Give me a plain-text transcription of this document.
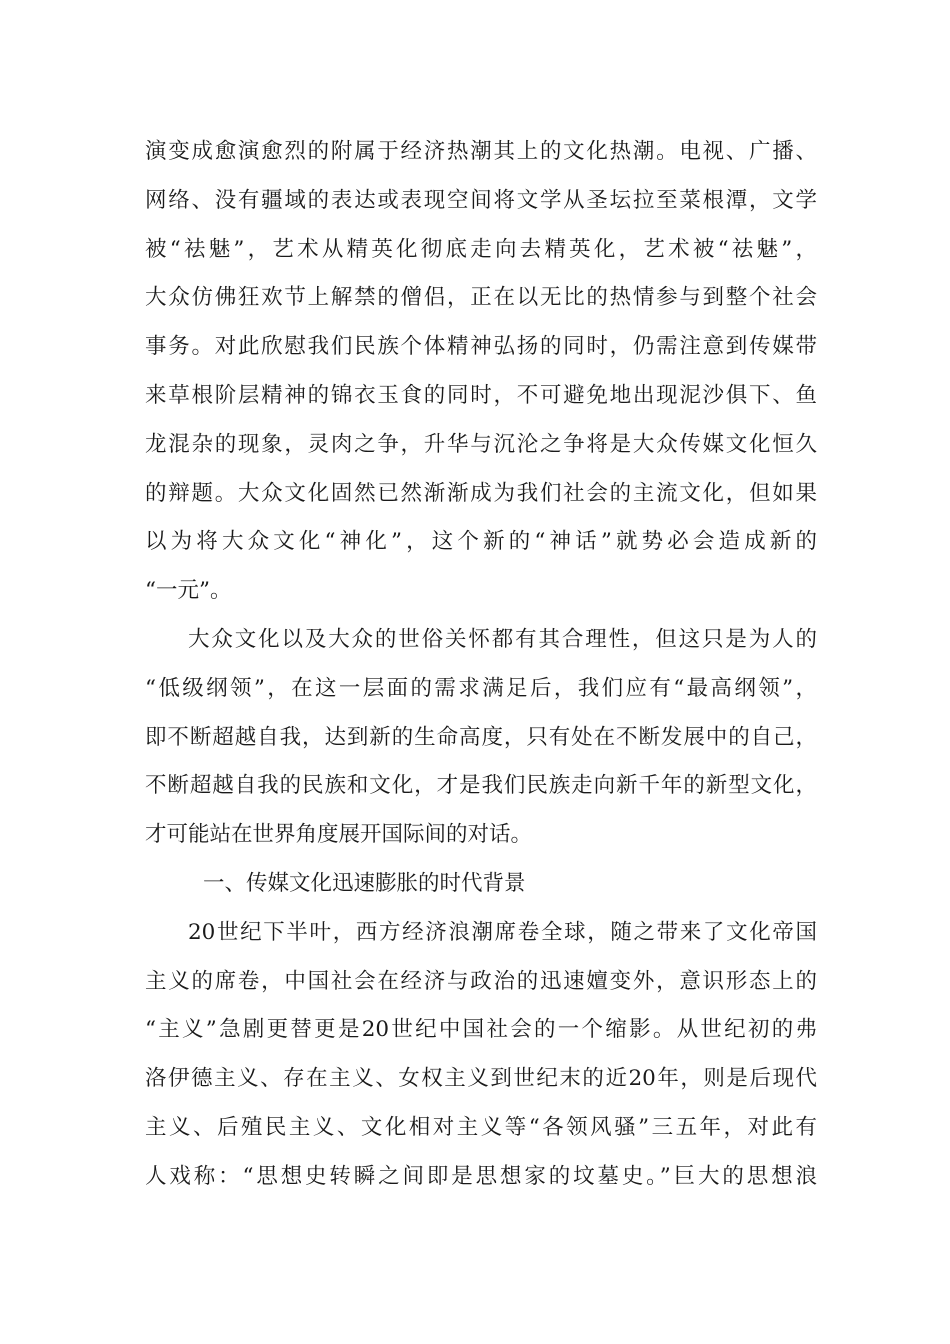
演变成愈演愈烈的附属于经济热潮其上的文化热潮。电视、广播、
网络、没有疆域的表达或表现空间将文学从圣坛拉至菜根潭，文学
被“祛魅”，艺术从精英化彻底走向去精英化，艺术被“祛魅”，
大众仿佛狂欢节上解禁的僧侣，正在以无比的热情参与到整个社会
事务。对此欣慰我们民族个体精神弘扬的同时，仍需注意到传媒带
来草根阶层精神的锦衣玉食的同时，不可避免地出现泥沙俱下、鱼
龙混杂的现象，灵肉之争，升华与沉沦之争将是大众传媒文化恒久
的辩题。大众文化固然已然渐渐成为我们社会的主流文化，但如果
以为将大众文化“神化”，这个新的“神话”就势必会造成新的
“一元”。
大众文化以及大众的世俗关怀都有其合理性，但这只是为人的
“低级纲领”，在这一层面的需求满足后，我们应有“最高纲领”，
即不断超越自我，达到新的生命高度，只有处在不断发展中的自己，
不断超越自我的民族和文化，才是我们民族走向新千年的新型文化，
才可能站在世界角度展开国际间的对话。
一、传媒文化迅速膨胀的时代背景
20世纪下半叶，西方经济浪潮席卷全球，随之带来了文化帝国
主义的席卷，中国社会在经济与政治的迅速嬗变外，意识形态上的
“主义”急剧更替更是20世纪中国社会的一个缩影。从世纪初的弗
洛伊德主义、存在主义、女权主义到世纪末的近20年，则是后现代
主义、后殖民主义、文化相对主义等“各领风骚”三五年，对此有
人戏称：“思想史转瞬之间即是思想家的坟墓史。”巨大的思想浪
